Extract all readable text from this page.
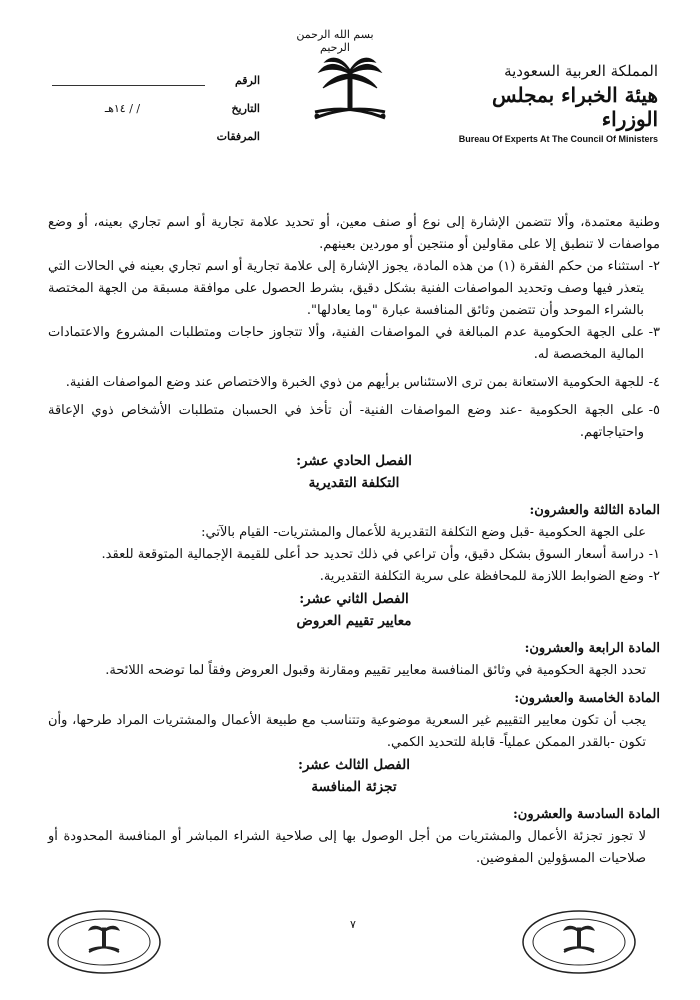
بسم الله الرحمن الرحيم
المملكة العربية السعودية
هيئة الخبراء بمجلس الوزراء
Bureau Of Experts At The Council Of Ministers
الرقم
التاريخ
/ / ١٤هـ
المرفقات

وطنية معتمدة، وألا تتضمن الإشارة إلى نوع أو صنف معين، أو تحديد علامة تجارية أو اسم تجاري بعينه، أو وضع مواصفات لا تنطبق إلا على مقاولين أو منتجين أو موردين بعينهم.

٢-
استثناء من حكم الفقرة (١) من هذه المادة، يجوز الإشارة إلى علامة تجارية أو اسم تجاري بعينه في الحالات التي يتعذر فيها وصف وتحديد المواصفات الفنية بشكل دقيق، بشرط الحصول على موافقة مسبقة من الجهة المختصة بالشراء الموحد وأن تتضمن وثائق المنافسة عبارة "وما يعادلها".
٣-
على الجهة الحكومية عدم المبالغة في المواصفات الفنية، وألا تتجاوز حاجات ومتطلبات المشروع والاعتمادات المالية المخصصة له.
٤-
للجهة الحكومية الاستعانة بمن ترى الاستئناس برأيهم من ذوي الخبرة والاختصاص عند وضع المواصفات الفنية.
٥-
على الجهة الحكومية -عند وضع المواصفات الفنية- أن تأخذ في الحسبان متطلبات الأشخاص ذوي الإعاقة واحتياجاتهم.
الفصل الحادي عشر:
التكلفة التقديرية
المادة الثالثة والعشرون:

على الجهة الحكومية -قبل وضع التكلفة التقديرية للأعمال والمشتريات- القيام بالآتي:

١-
دراسة أسعار السوق بشكل دقيق، وأن تراعي في ذلك تحديد حد أعلى للقيمة الإجمالية المتوقعة للعقد.
٢-
وضع الضوابط اللازمة للمحافظة على سرية التكلفة التقديرية.
الفصل الثاني عشر:
معايير تقييم العروض
المادة الرابعة والعشرون:

تحدد الجهة الحكومية في وثائق المنافسة معايير تقييم ومقارنة وقبول العروض وفقاً لما توضحه اللائحة.

المادة الخامسة والعشرون:

يجب أن تكون معايير التقييم غير السعرية موضوعية وتتناسب مع طبيعة الأعمال والمشتريات المراد طرحها، وأن تكون -بالقدر الممكن عملياً- قابلة للتحديد الكمي.

الفصل الثالث عشر:
تجزئة المنافسة
المادة السادسة والعشرون:

لا تجوز تجزئة الأعمال والمشتريات من أجل الوصول بها إلى صلاحية الشراء المباشر أو المنافسة المحدودة أو صلاحيات المسؤولين المفوضين.

٧
